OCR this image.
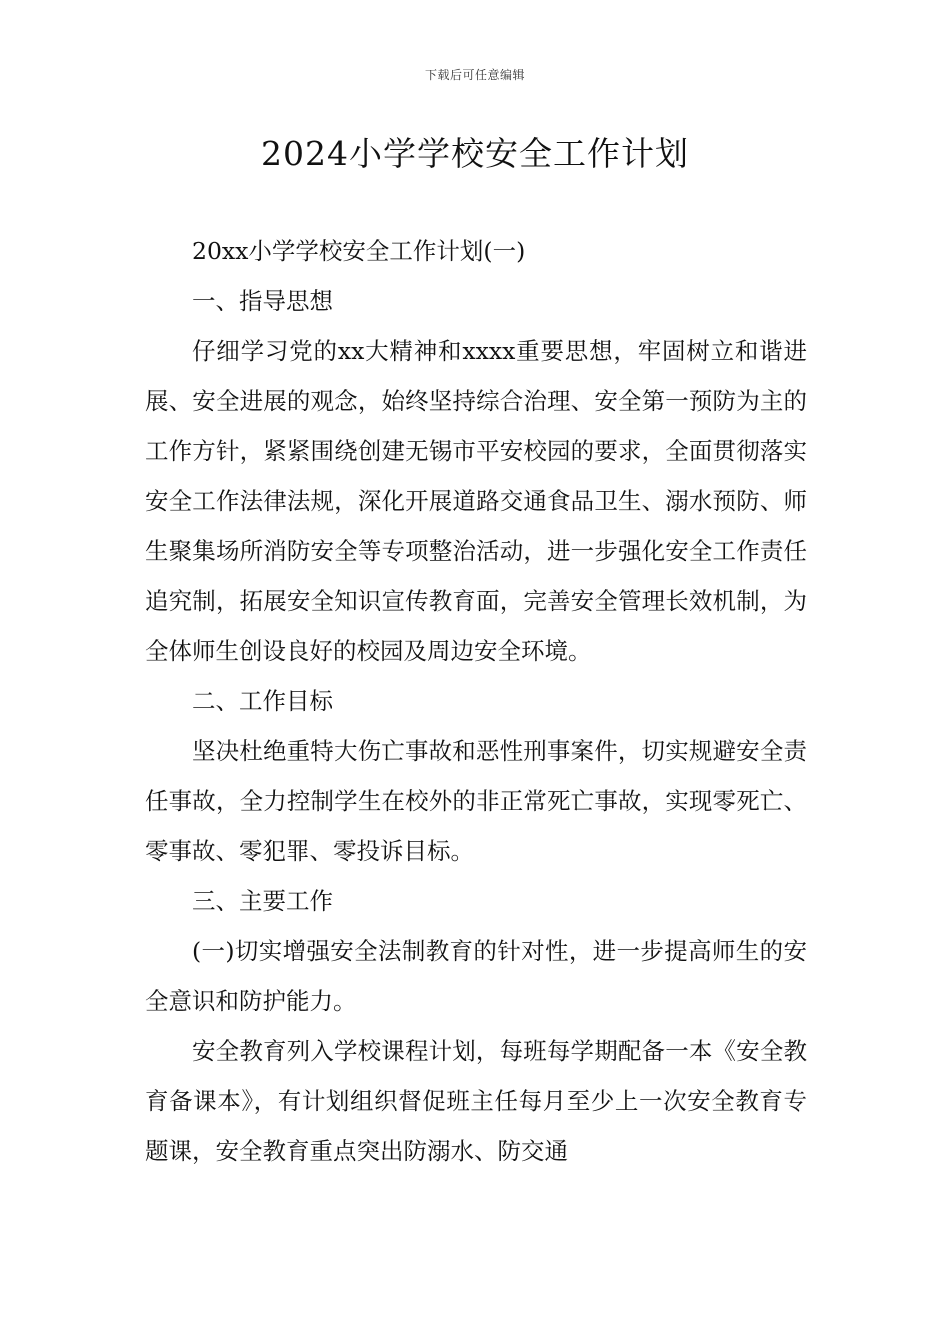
下载后可任意编辑
2024小学学校安全工作计划

20xx小学学校安全工作计划(一)

一、指导思想

仔细学习党的xx大精神和xxxx重要思想，牢固树立和谐进展、安全进展的观念，始终坚持综合治理、安全第一预防为主的工作方针，紧紧围绕创建无锡市平安校园的要求，全面贯彻落实安全工作法律法规，深化开展道路交通食品卫生、溺水预防、师生聚集场所消防安全等专项整治活动，进一步强化安全工作责任追究制，拓展安全知识宣传教育面，完善安全管理长效机制，为全体师生创设良好的校园及周边安全环境。

二、工作目标

坚决杜绝重特大伤亡事故和恶性刑事案件，切实规避安全责任事故，全力控制学生在校外的非正常死亡事故，实现零死亡、零事故、零犯罪、零投诉目标。

三、主要工作

(一)切实增强安全法制教育的针对性，进一步提高师生的安全意识和防护能力。

安全教育列入学校课程计划，每班每学期配备一本《安全教育备课本》，有计划组织督促班主任每月至少上一次安全教育专题课，安全教育重点突出防溺水、防交通
